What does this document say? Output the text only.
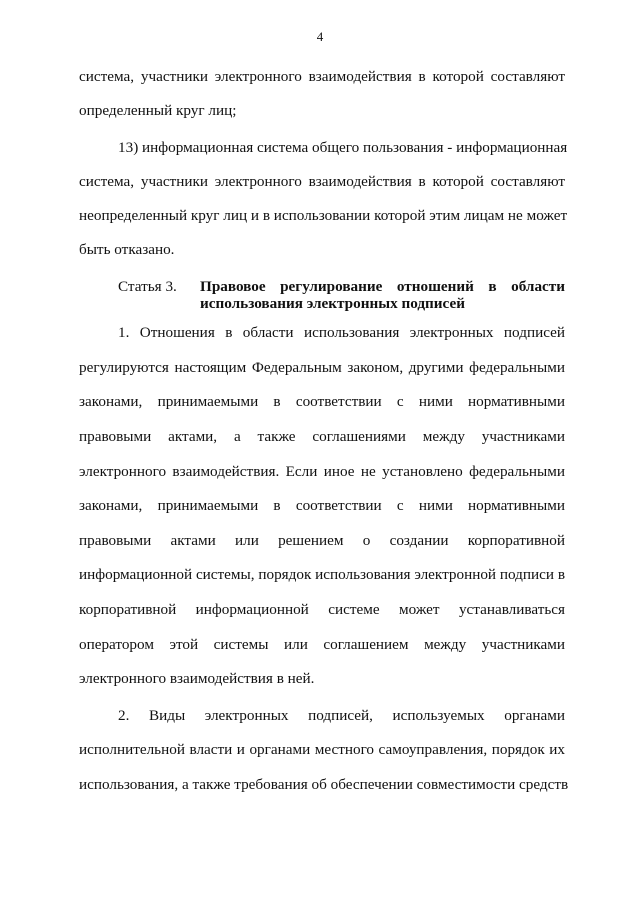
4
система, участники электронного взаимодействия в которой составляют
определенный круг лиц;
13) информационная система общего пользования - информационная
система, участники электронного взаимодействия в которой составляют
неопределенный круг лиц и в использовании которой этим лицам не может
быть отказано.
Статья 3. Правовое регулирование отношений в области
использования электронных подписей
1. Отношения в области использования электронных подписей
регулируются настоящим Федеральным законом, другими федеральными
законами, принимаемыми в соответствии с ними нормативными
правовыми актами, а также соглашениями между участниками
электронного взаимодействия. Если иное не установлено федеральными
законами, принимаемыми в соответствии с ними нормативными
правовыми актами или решением о создании корпоративной
информационной системы, порядок использования электронной подписи в
корпоративной информационной системе может устанавливаться
оператором этой системы или соглашением между участниками
электронного взаимодействия в ней.
2. Виды электронных подписей, используемых органами
исполнительной власти и органами местного самоуправления, порядок их
использования, а также требования об обеспечении совместимости средств
